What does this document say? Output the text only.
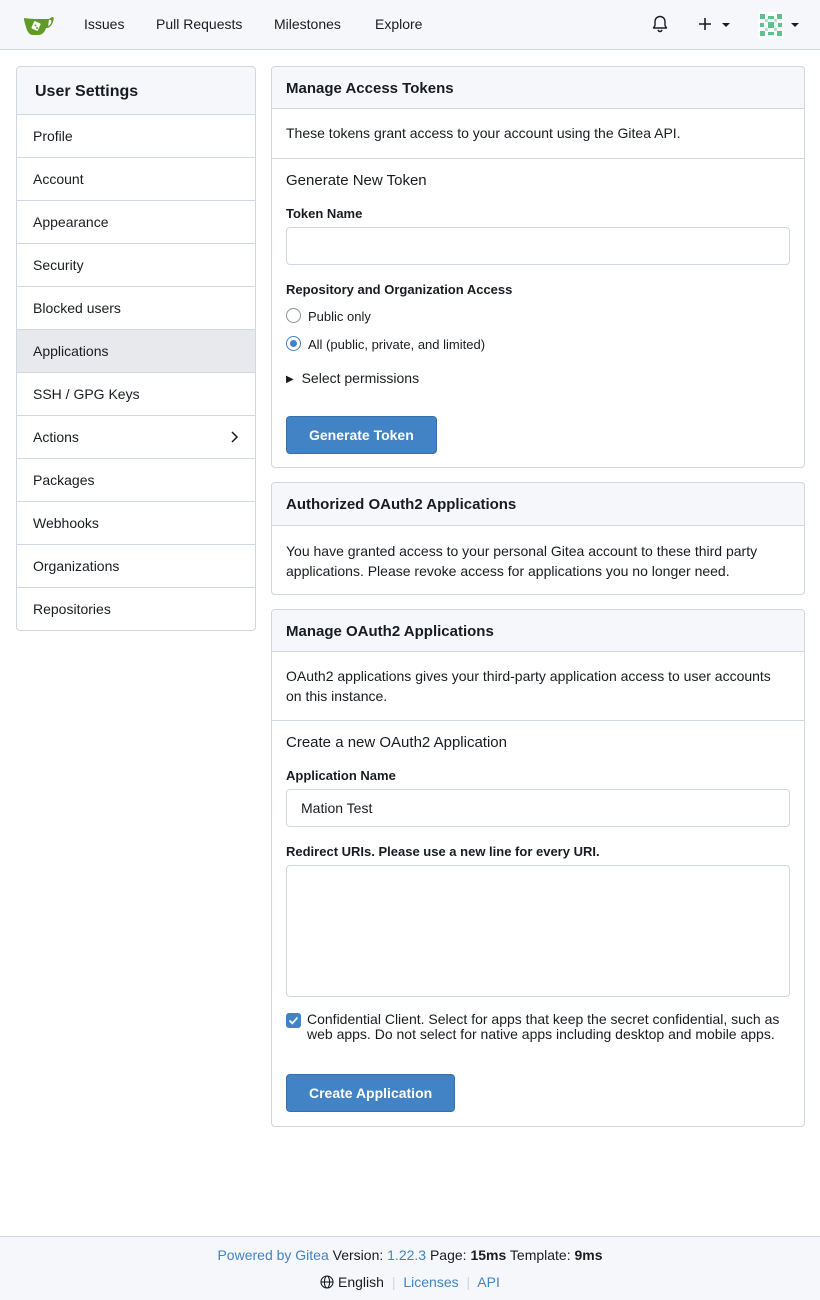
Issues Pull Requests Milestones Explore
User Settings
Profile
Account
Appearance
Security
Blocked users
Applications
SSH / GPG Keys
Actions
Packages
Webhooks
Organizations
Repositories
Manage Access Tokens
These tokens grant access to your account using the Gitea API.
Generate New Token
Token Name
Repository and Organization Access
Public only
All (public, private, and limited)
▶ Select permissions
Generate Token
Authorized OAuth2 Applications
You have granted access to your personal Gitea account to these third party applications. Please revoke access for applications you no longer need.
Manage OAuth2 Applications
OAuth2 applications gives your third-party application access to user accounts on this instance.
Create a new OAuth2 Application
Application Name
Mation Test
Redirect URIs. Please use a new line for every URI.
Confidential Client. Select for apps that keep the secret confidential, such as web apps. Do not select for native apps including desktop and mobile apps.
Create Application
Powered by Gitea Version: 1.22.3 Page: 15ms Template: 9ms
English | Licenses | API
